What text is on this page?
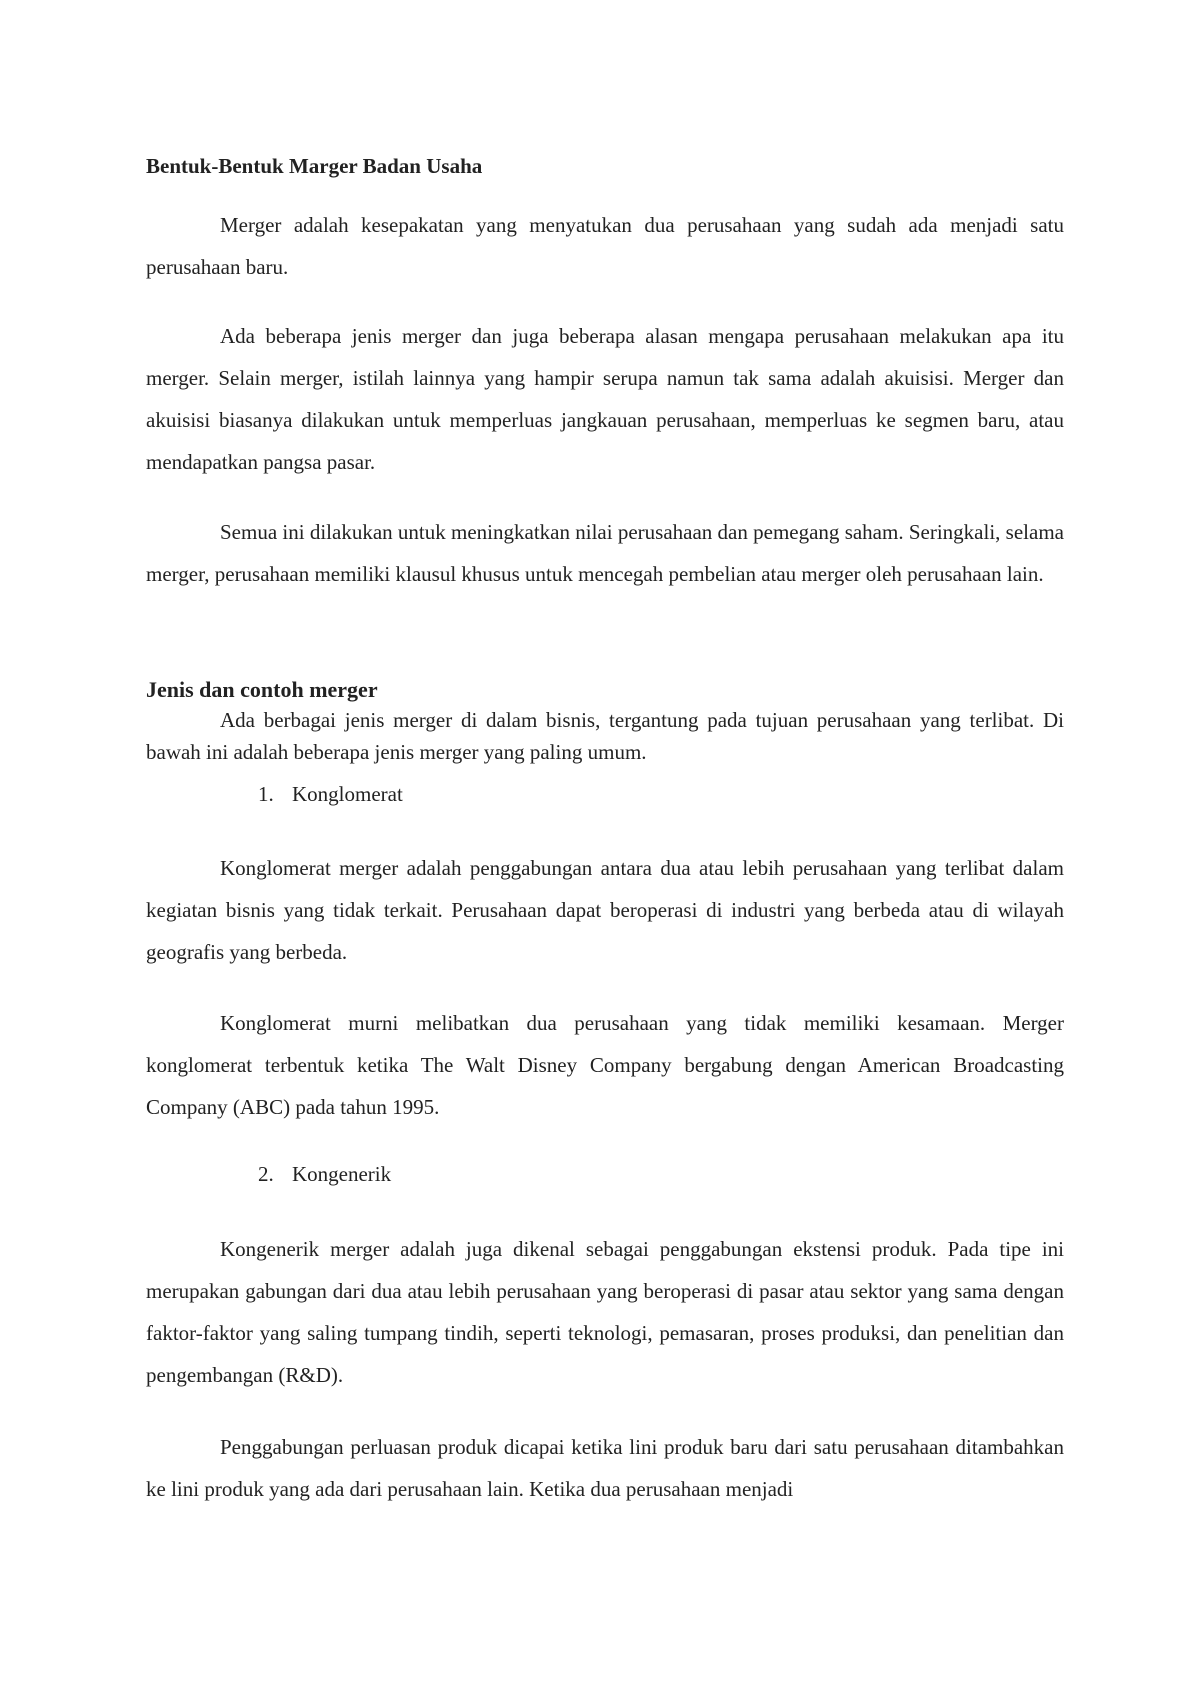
Bentuk-Bentuk Marger Badan Usaha

Merger adalah kesepakatan yang menyatukan dua perusahaan yang sudah ada menjadi satu perusahaan baru.

Ada beberapa jenis merger dan juga beberapa alasan mengapa perusahaan melakukan apa itu merger. Selain merger, istilah lainnya yang hampir serupa namun tak sama adalah akuisisi. Merger dan akuisisi biasanya dilakukan untuk memperluas jangkauan perusahaan, memperluas ke segmen baru, atau mendapatkan pangsa pasar.

Semua ini dilakukan untuk meningkatkan nilai perusahaan dan pemegang saham. Seringkali, selama merger, perusahaan memiliki klausul khusus untuk mencegah pembelian atau merger oleh perusahaan lain.

Jenis dan contoh merger

Ada berbagai jenis merger di dalam bisnis, tergantung pada tujuan perusahaan yang terlibat. Di bawah ini adalah beberapa jenis merger yang paling umum.

1. Konglomerat

Konglomerat merger adalah penggabungan antara dua atau lebih perusahaan yang terlibat dalam kegiatan bisnis yang tidak terkait. Perusahaan dapat beroperasi di industri yang berbeda atau di wilayah geografis yang berbeda.

Konglomerat murni melibatkan dua perusahaan yang tidak memiliki kesamaan. Merger konglomerat terbentuk ketika The Walt Disney Company bergabung dengan American Broadcasting Company (ABC) pada tahun 1995.

2. Kongenerik

Kongenerik merger adalah juga dikenal sebagai penggabungan ekstensi produk. Pada tipe ini merupakan gabungan dari dua atau lebih perusahaan yang beroperasi di pasar atau sektor yang sama dengan faktor-faktor yang saling tumpang tindih, seperti teknologi, pemasaran, proses produksi, dan penelitian dan pengembangan (R&D).

Penggabungan perluasan produk dicapai ketika lini produk baru dari satu perusahaan ditambahkan ke lini produk yang ada dari perusahaan lain. Ketika dua perusahaan menjadi
